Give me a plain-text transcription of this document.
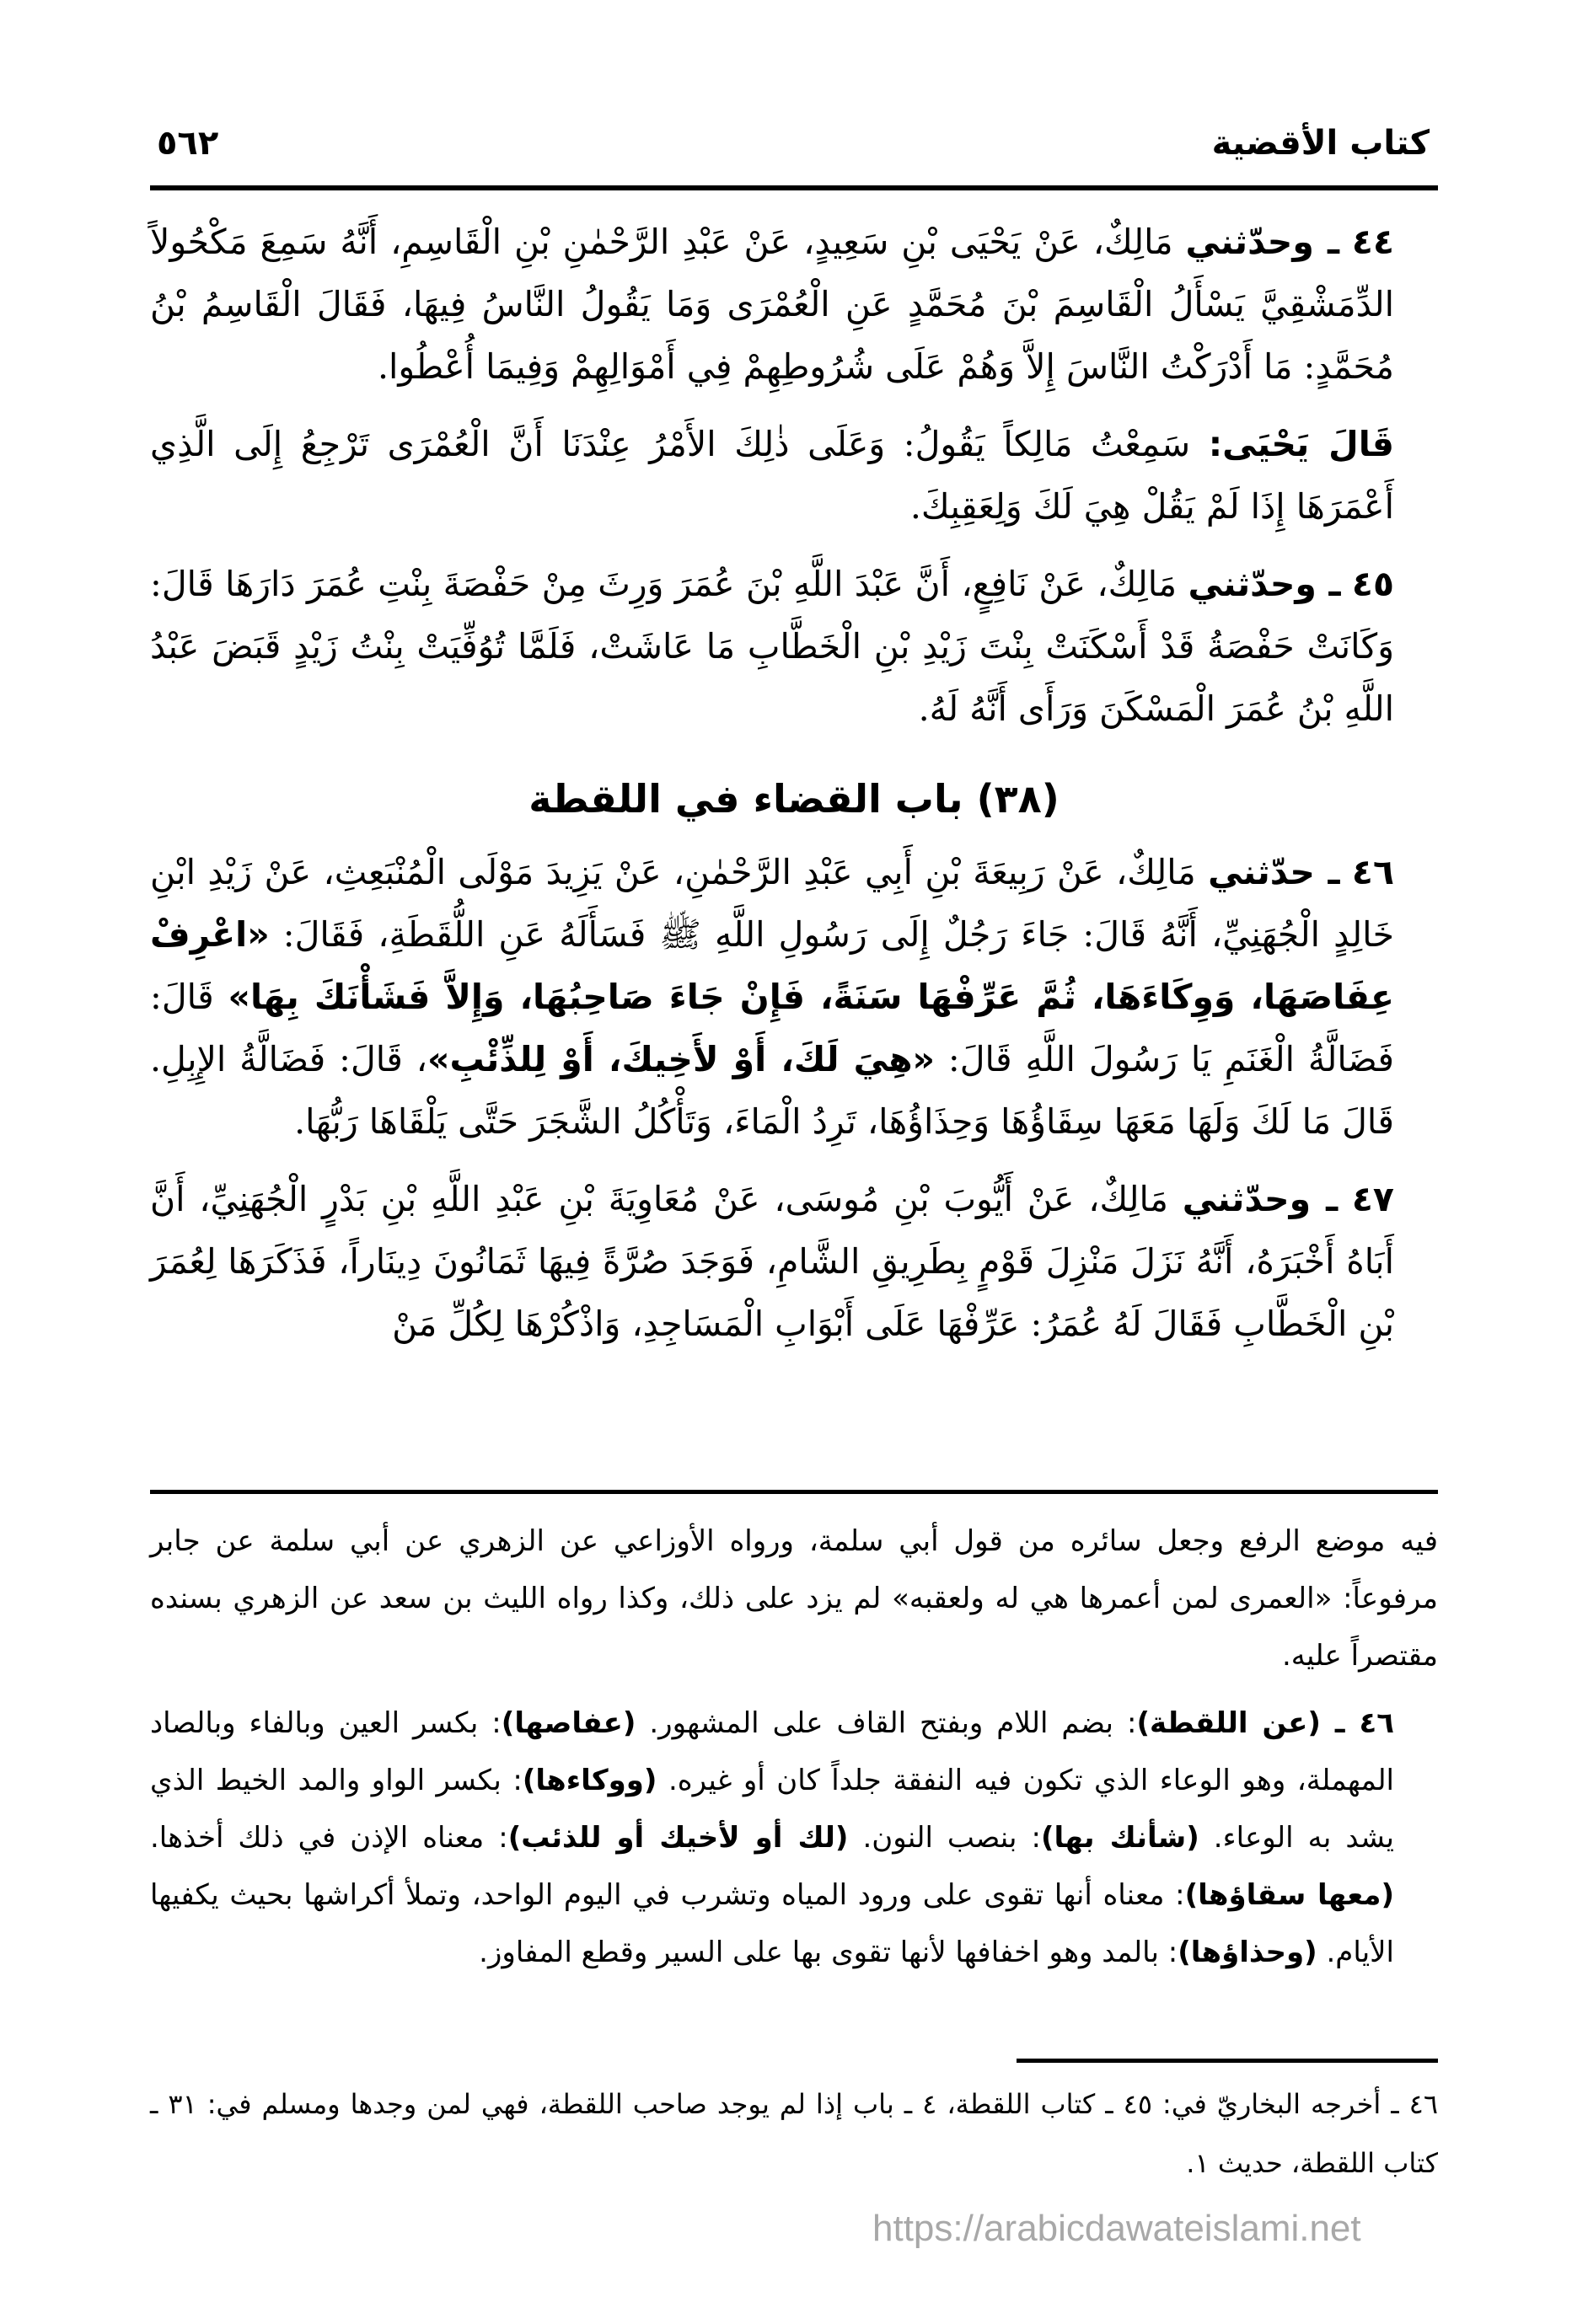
كتاب الأقضية
٥٦٢

٤٤ ـ وحدّثني مَالِكٌ، عَنْ يَحْيَى بْنِ سَعِيدٍ، عَنْ عَبْدِ الرَّحْمٰنِ بْنِ الْقَاسِمِ، أَنَّهُ سَمِعَ مَكْحُولاً الدِّمَشْقِيَّ يَسْأَلُ الْقَاسِمَ بْنَ مُحَمَّدٍ عَنِ الْعُمْرَى وَمَا يَقُولُ النَّاسُ فِيهَا، فَقَالَ الْقَاسِمُ بْنُ مُحَمَّدٍ: مَا أَدْرَكْتُ النَّاسَ إِلاَّ وَهُمْ عَلَى شُرُوطِهِمْ فِي أَمْوَالِهِمْ وَفِيمَا أُعْطُوا.

قَالَ يَحْيَى: سَمِعْتُ مَالِكاً يَقُولُ: وَعَلَى ذٰلِكَ الأَمْرُ عِنْدَنَا أَنَّ الْعُمْرَى تَرْجِعُ إِلَى الَّذِي أَعْمَرَهَا إِذَا لَمْ يَقُلْ هِيَ لَكَ وَلِعَقِبِكَ.

٤٥ ـ وحدّثني مَالِكٌ، عَنْ نَافِعٍ، أَنَّ عَبْدَ اللَّهِ بْنَ عُمَرَ وَرِثَ مِنْ حَفْصَةَ بِنْتِ عُمَرَ دَارَهَا قَالَ: وَكَانَتْ حَفْصَةُ قَدْ أَسْكَنَتْ بِنْتَ زَيْدِ بْنِ الْخَطَّابِ مَا عَاشَتْ، فَلَمَّا تُوُفِّيَتْ بِنْتُ زَيْدٍ قَبَضَ عَبْدُ اللَّهِ بْنُ عُمَرَ الْمَسْكَنَ وَرَأَى أَنَّهُ لَهُ.

(٣٨) باب القضاء في اللقطة

٤٦ ـ حدّثني مَالِكٌ، عَنْ رَبِيعَةَ بْنِ أَبِي عَبْدِ الرَّحْمٰنِ، عَنْ يَزِيدَ مَوْلَى الْمُنْبَعِثِ، عَنْ زَيْدِ ابْنِ خَالِدٍ الْجُهَنِيِّ، أَنَّهُ قَالَ: جَاءَ رَجُلٌ إِلَى رَسُولِ اللَّهِ ﷺ فَسَأَلَهُ عَنِ اللُّقَطَةِ، فَقَالَ: «اعْرِفْ عِفَاصَهَا، وَوِكَاءَهَا، ثُمَّ عَرِّفْهَا سَنَةً، فَإِنْ جَاءَ صَاحِبُهَا، وَإِلاَّ فَشَأْنَكَ بِهَا» قَالَ: فَضَالَّةُ الْغَنَمِ يَا رَسُولَ اللَّهِ قَالَ: «هِيَ لَكَ، أَوْ لأَخِيكَ، أَوْ لِلذِّئْبِ»، قَالَ: فَضَالَّةُ الإِبِلِ. قَالَ مَا لَكَ وَلَهَا مَعَهَا سِقَاؤُهَا وَحِذَاؤُهَا، تَرِدُ الْمَاءَ، وَتَأْكُلُ الشَّجَرَ حَتَّى يَلْقَاهَا رَبُّهَا.

٤٧ ـ وحدّثني مَالِكٌ، عَنْ أَيُّوبَ بْنِ مُوسَى، عَنْ مُعَاوِيَةَ بْنِ عَبْدِ اللَّهِ بْنِ بَدْرٍ الْجُهَنِيِّ، أَنَّ أَبَاهُ أَخْبَرَهُ، أَنَّهُ نَزَلَ مَنْزِلَ قَوْمٍ بِطَرِيقِ الشَّامِ، فَوَجَدَ صُرَّةً فِيهَا ثَمَانُونَ دِينَاراً، فَذَكَرَهَا لِعُمَرَ بْنِ الْخَطَّابِ فَقَالَ لَهُ عُمَرُ: عَرِّفْهَا عَلَى أَبْوَابِ الْمَسَاجِدِ، وَاذْكُرْهَا لِكُلِّ مَنْ

فيه موضع الرفع وجعل سائره من قول أبي سلمة، ورواه الأوزاعي عن الزهري عن أبي سلمة عن جابر مرفوعاً: «العمرى لمن أعمرها هي له ولعقبه» لم يزد على ذلك، وكذا رواه الليث بن سعد عن الزهري بسنده مقتصراً عليه.

٤٦ ـ (عن اللقطة): بضم اللام وبفتح القاف على المشهور. (عفاصها): بكسر العين وبالفاء وبالصاد المهملة، وهو الوعاء الذي تكون فيه النفقة جلداً كان أو غيره. (ووكاءها): بكسر الواو والمد الخيط الذي يشد به الوعاء. (شأنك بها): بنصب النون. (لك أو لأخيك أو للذئب): معناه الإذن في ذلك أخذها. (معها سقاؤها): معناه أنها تقوى على ورود المياه وتشرب في اليوم الواحد، وتملأ أكراشها بحيث يكفيها الأيام. (وحذاؤها): بالمد وهو اخفافها لأنها تقوى بها على السير وقطع المفاوز.

٤٦ ـ أخرجه البخاريّ في: ٤٥ ـ كتاب اللقطة، ٤ ـ باب إذا لم يوجد صاحب اللقطة، فهي لمن وجدها ومسلم في: ٣١ ـ كتاب اللقطة، حديث ١.

https://arabicdawateislami.net
